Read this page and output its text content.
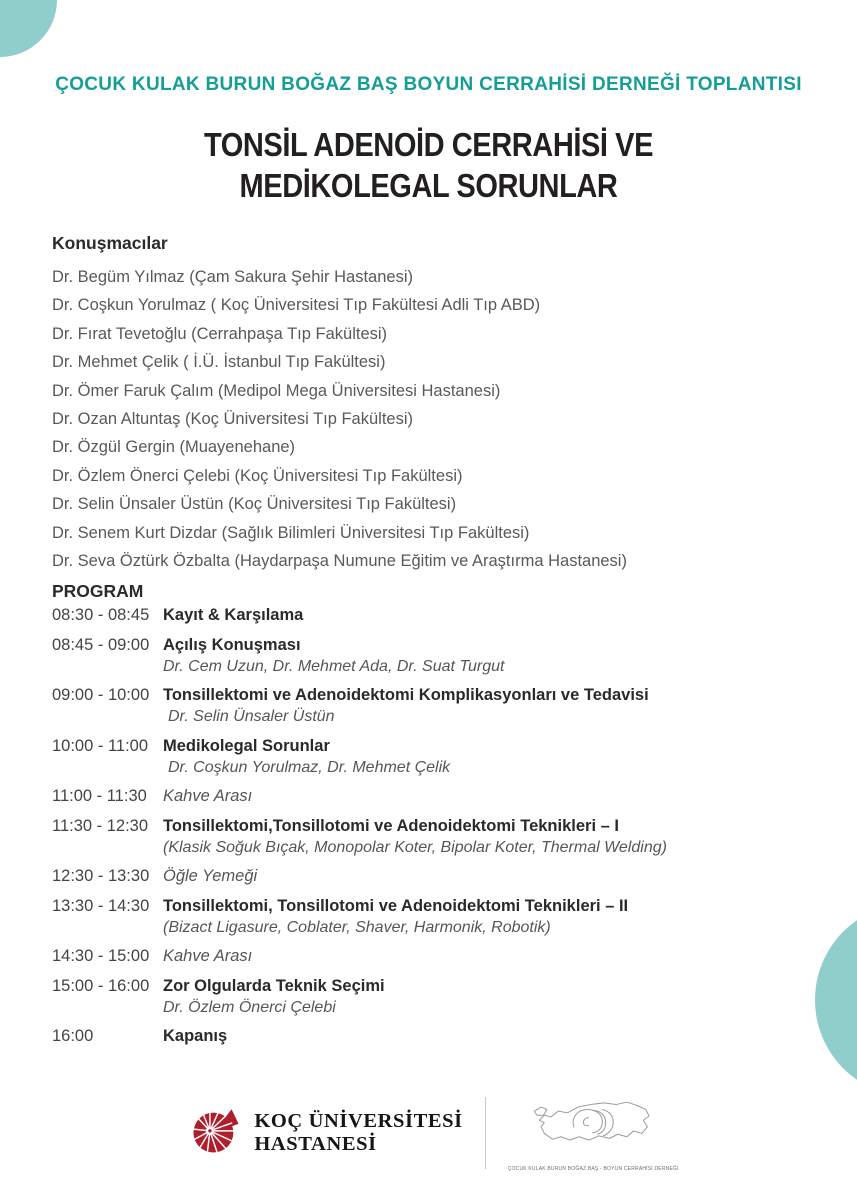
ÇOCUK KULAK BURUN BOĞAZ BAŞ BOYUN CERRAHİSİ DERNEĞİ TOPLANTISI
TONSİL ADENOİD CERRAHİSİ VE
MEDİKOLEGAL SORUNLAR
Konuşmacılar
Dr. Begüm Yılmaz (Çam Sakura Şehir Hastanesi)
Dr. Coşkun Yorulmaz ( Koç Üniversitesi Tıp Fakültesi Adli Tıp ABD)
Dr. Fırat Tevetoğlu (Cerrahpaşa Tıp Fakültesi)
Dr. Mehmet Çelik ( İ.Ü. İstanbul Tıp Fakültesi)
Dr. Ömer Faruk Çalım (Medipol Mega Üniversitesi Hastanesi)
Dr. Ozan Altuntaş (Koç Üniversitesi Tıp Fakültesi)
Dr. Özgül Gergin (Muayenehane)
Dr. Özlem Önerci Çelebi (Koç Üniversitesi Tıp Fakültesi)
Dr. Selin Ünsaler Üstün (Koç Üniversitesi Tıp Fakültesi)
Dr. Senem Kurt Dizdar (Sağlık Bilimleri Üniversitesi Tıp Fakültesi)
Dr. Seva Öztürk Özbalta (Haydarpaşa Numune Eğitim ve Araştırma Hastanesi)
PROGRAM
08:30 - 08:45 Kayıt & Karşılama
08:45 - 09:00 Açılış Konuşması
Dr. Cem Uzun, Dr. Mehmet Ada, Dr. Suat Turgut
09:00 - 10:00 Tonsillektomi ve Adenoidektomi Komplikasyonları ve Tedavisi
Dr. Selin Ünsaler Üstün
10:00 - 11:00 Medikolegal Sorunlar
Dr. Coşkun Yorulmaz, Dr. Mehmet Çelik
11:00 - 11:30 Kahve Arası
11:30 - 12:30 Tonsillektomi,Tonsillotomi ve Adenoidektomi Teknikleri – I
(Klasik Soğuk Bıçak, Monopolar Koter, Bipolar Koter, Thermal Welding)
12:30 - 13:30 Öğle Yemeği
13:30 - 14:30 Tonsillektomi, Tonsillotomi ve Adenoidektomi Teknikleri – II
(Bizact Ligasure, Coblater, Shaver, Harmonik, Robotik)
14:30 - 15:00 Kahve Arası
15:00 - 16:00 Zor Olgularda Teknik Seçimi
Dr. Özlem Önerci Çelebi
16:00	Kapanış
KOÇ ÜNİVERSİTESİ
HASTANESİ
ÇOCUK KULAK BURUN BOĞAZ BAŞ - BOYUN CERRAHİSİ DERNEĞİ
